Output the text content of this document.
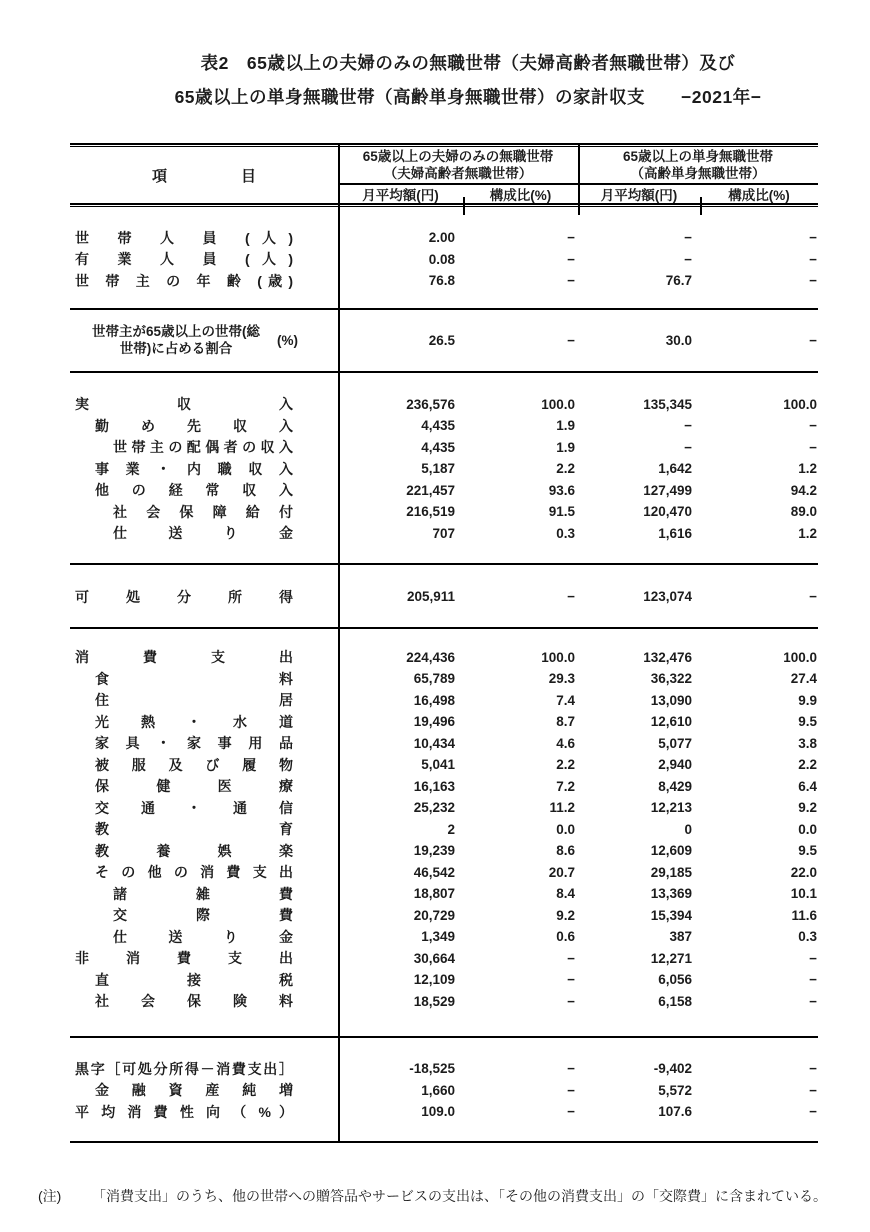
表2　65歳以上の夫婦のみの無職世帯（夫婦高齢者無職世帯）及び
65歳以上の単身無職世帯（高齢単身無職世帯）の家計収支　　−2021年−
項 目
65歳以上の夫婦のみの無職世帯
（夫婦高齢者無職世帯）
65歳以上の単身無職世帯
（高齢単身無職世帯）
月平均額(円)	構成比(%)	月平均額(円)	構成比(%)
世 帯 人 員 (人)	2.00	−	−	−
有 業 人 員 (人)	0.08	−	−	−
世 帯 主 の 年 齢 (歳)	76.8	−	76.7	−
世帯主が65歳以上の世帯(総
世帯)に占める割合
(%)	26.5	−	30.0	−
実 収 入	236,576	100.0	135,345	100.0
勤 め 先 収 入	4,435	1.9	−	−
世 帯 主 の 配 偶 者 の 収 入	4,435	1.9	−	−
事 業 ・ 内 職 収 入	5,187	2.2	1,642	1.2
他 の 経 常 収 入	221,457	93.6	127,499	94.2
社 会 保 障 給 付	216,519	91.5	120,470	89.0
仕 送 り 金	707	0.3	1,616	1.2
可 処 分 所 得	205,911	−	123,074	−
消 費 支 出	224,436	100.0	132,476	100.0
食 料	65,789	29.3	36,322	27.4
住 居	16,498	7.4	13,090	9.9
光 熱 ・ 水 道	19,496	8.7	12,610	9.5
家 具 ・ 家 事 用 品	10,434	4.6	5,077	3.8
被 服 及 び 履 物	5,041	2.2	2,940	2.2
保 健 医 療	16,163	7.2	8,429	6.4
交 通 ・ 通 信	25,232	11.2	12,213	9.2
教 育	2	0.0	0	0.0
教 養 娯 楽	19,239	8.6	12,609	9.5
そ の 他 の 消 費 支 出	46,542	20.7	29,185	22.0
諸 雑 費	18,807	8.4	13,369	10.1
交 際 費	20,729	9.2	15,394	11.6
仕 送 り 金	1,349	0.6	387	0.3
非 消 費 支 出	30,664	−	12,271	−
直 接 税	12,109	−	6,056	−
社 会 保 険 料	18,529	−	6,158	−
黒字［可処分所得－消費支出］	-18,525	−	-9,402	−
金 融 資 産 純 増	1,660	−	5,572	−
平 均 消 費 性 向 （ % ）	109.0	−	107.6	−
(注)	「消費支出」のうち、他の世帯への贈答品やサービスの支出は、「その他の消費支出」の「交際費」に含まれている。
